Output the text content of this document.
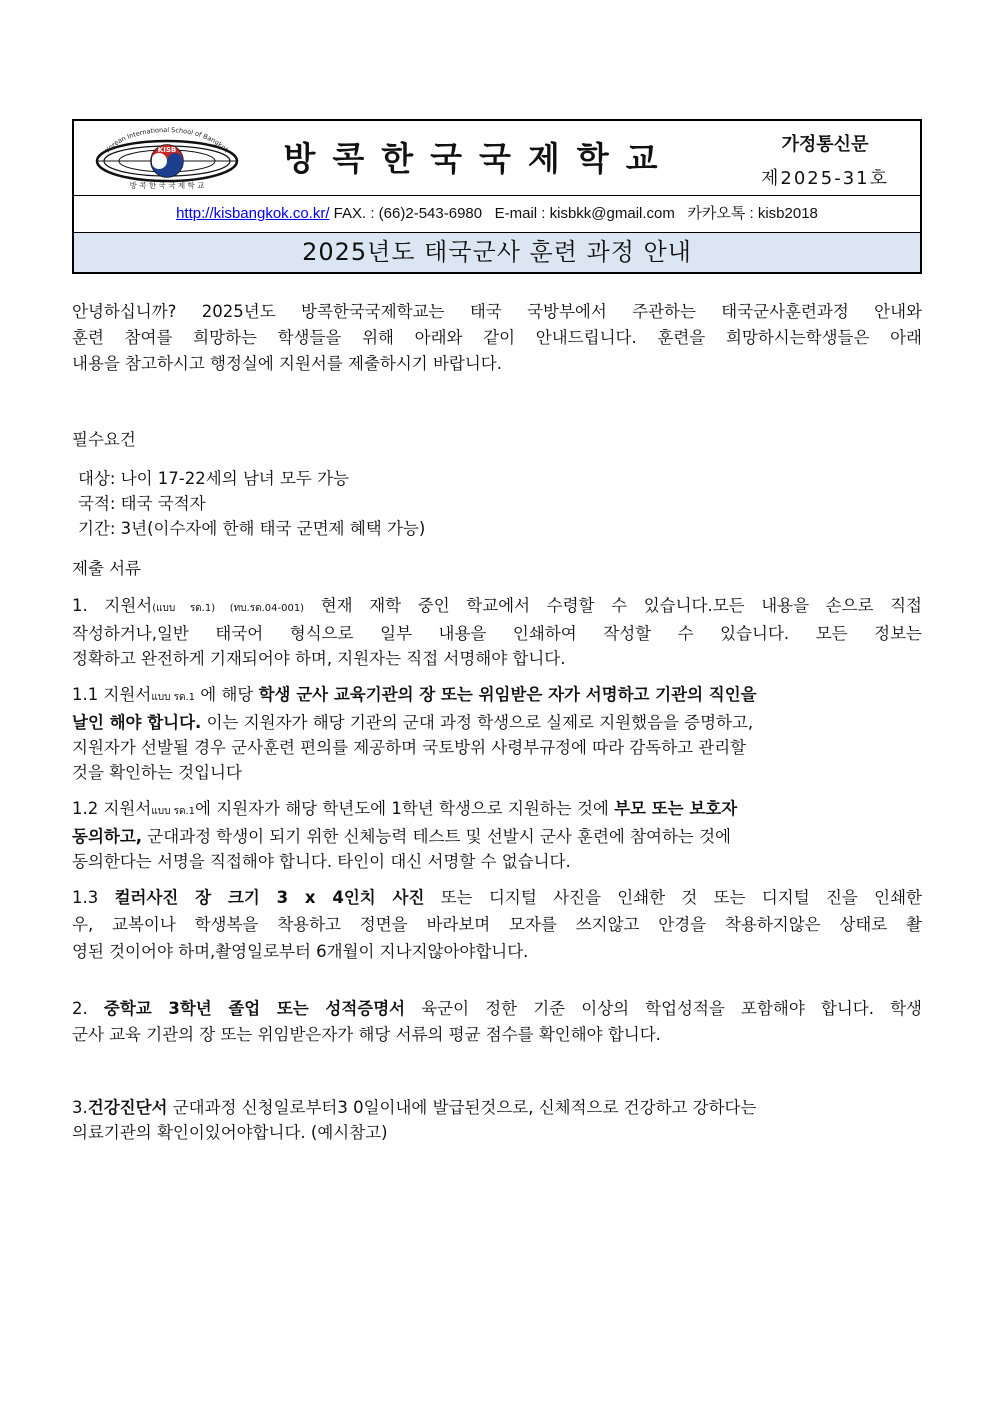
Korean International School of Bangkok
KISB
방 콕 한 국 국 제 학 교
방콕한국국제학교	가정통신문
제2025-31호
http://kisbangkok.co.kr/ FAX. : (66)2-543-6980 E-mail : kisbkk@gmail.com 카카오톡 : kisb2018
2025년도 태국군사 훈련 과정 안내

안녕하십니까? 2025년도 방콕한국국제학교는 태국 국방부에서 주관하는 태국군사훈련과정 안내와

훈련 참여를 희망하는 학생들을 위해 아래와 같이 안내드립니다. 훈련을 희망하시는학생들은 아래

내용을 참고하시고 행정실에 지원서를 제출하시기 바랍니다.

필수요건

대상: 나이 17-22세의 남녀 모두 가능

국적: 태국 국적자

기간: 3년(이수자에 한해 태국 군면제 혜택 가능)

제출 서류

1. 지원서(แบบ รด.1) (ทบ.รด.04-001) 현재 재학 중인 학교에서 수령할 수 있습니다.모든 내용을 손으로 직접

작성하거나,일반 태국어 형식으로 일부 내용을 인쇄하여 작성할 수 있습니다. 모든 정보는

정확하고 완전하게 기재되어야 하며, 지원자는 직접 서명해야 합니다.

1.1 지원서แบบ รด.1 에 해당 학생 군사 교육기관의 장 또는 위임받은 자가 서명하고 기관의 직인을

날인 해야 합니다. 이는 지원자가 해당 기관의 군대 과정 학생으로 실제로 지원했음을 증명하고,

지원자가 선발될 경우 군사훈련 편의를 제공하며 국토방위 사령부규정에 따라 감독하고 관리할

것을 확인하는 것입니다

1.2 지원서แบบ รด.1에 지원자가 해당 학년도에 1학년 학생으로 지원하는 것에 부모 또는 보호자

동의하고, 군대과정 학생이 되기 위한 신체능력 테스트 및 선발시 군사 훈련에 참여하는 것에

동의한다는 서명을 직접해야 합니다. 타인이 대신 서명할 수 없습니다.

1.3 컬러사진 장 크기 3 x 4인치 사진 또는 디지털 사진을 인쇄한 것 또는 디지털 진을 인쇄한

우, 교복이나 학생복을 착용하고 정면을 바라보며 모자를 쓰지않고 안경을 착용하지않은 상태로 촬

영된 것이어야 하며,촬영일로부터 6개월이 지나지않아야합니다.

2. 중학교 3학년 졸업 또는 성적증명서 육군이 정한 기준 이상의 학업성적을 포함해야 합니다. 학생

군사 교육 기관의 장 또는 위임받은자가 해당 서류의 평균 점수를 확인해야 합니다.

3.건강진단서 군대과정 신청일로부터3 0일이내에 발급된것으로, 신체적으로 건강하고 강하다는

의료기관의 확인이있어야합니다. (예시참고)
